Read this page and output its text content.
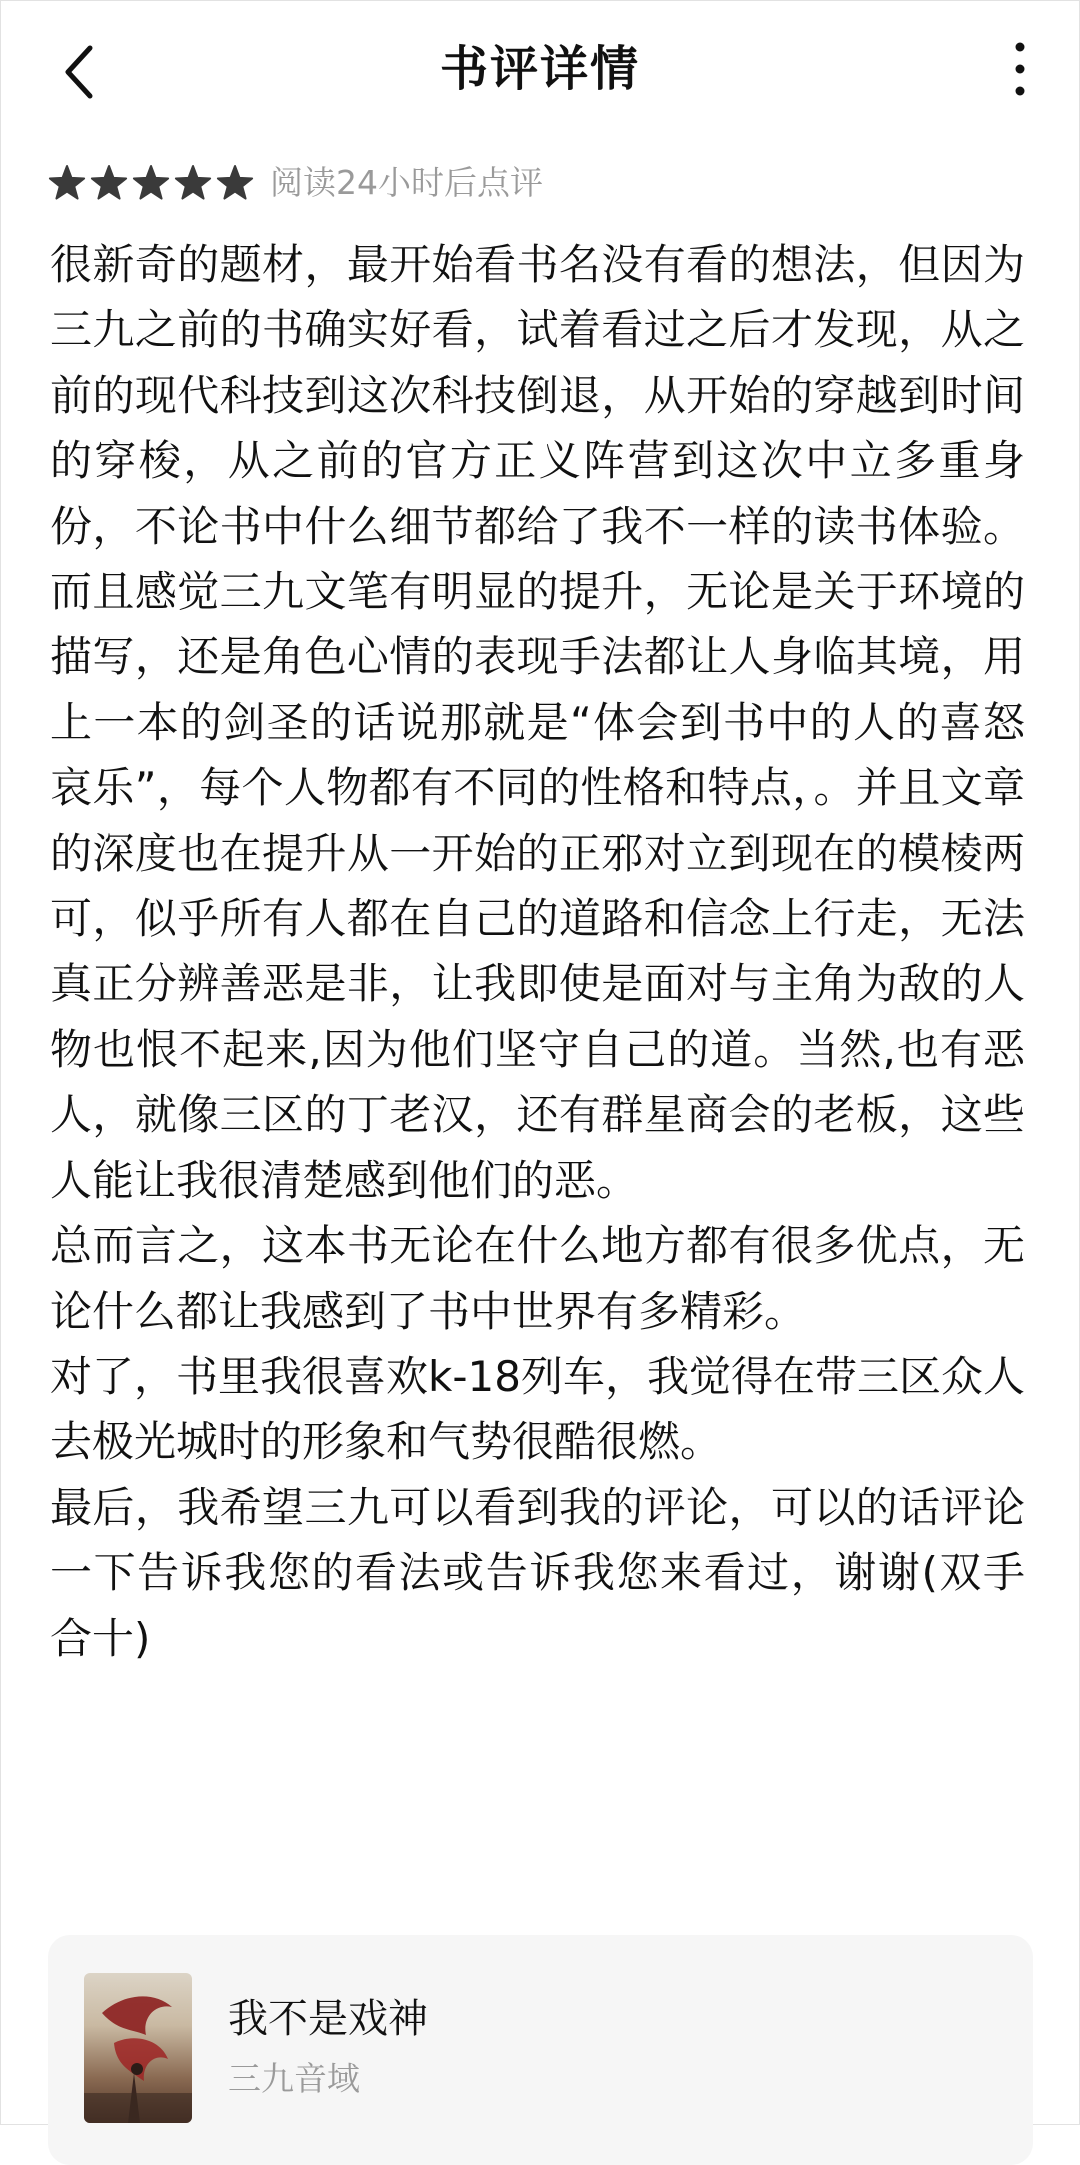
书评详情
阅读24小时后点评

很新奇的题材，最开始看书名没有看的想法，但因为三九之前的书确实好看，试着看过之后才发现，从之前的现代科技到这次科技倒退，从开始的穿越到时间的穿梭，从之前的官方正义阵营到这次中立多重身份，不论书中什么细节都给了我不一样的读书体验。而且感觉三九文笔有明显的提升，无论是关于环境的描写，还是角色心情的表现手法都让人身临其境，用上一本的剑圣的话说那就是“体会到书中的人的喜怒哀乐”，每个人物都有不同的性格和特点，。并且文章的深度也在提升从一开始的正邪对立到现在的模棱两可，似乎所有人都在自己的道路和信念上行走，无法真正分辨善恶是非，让我即使是面对与主角为敌的人物也恨不起来,因为他们坚守自己的道。当然,也有恶人，就像三区的丁老汉，还有群星商会的老板，这些人能让我很清楚感到他们的恶。

总而言之，这本书无论在什么地方都有很多优点，无论什么都让我感到了书中世界有多精彩。

对了，书里我很喜欢k-18列车，我觉得在带三区众人去极光城时的形象和气势很酷很燃。

最后，我希望三九可以看到我的评论，可以的话评论一下告诉我您的看法或告诉我您来看过，谢谢(双手合十)

我不是戏神
三九音域
